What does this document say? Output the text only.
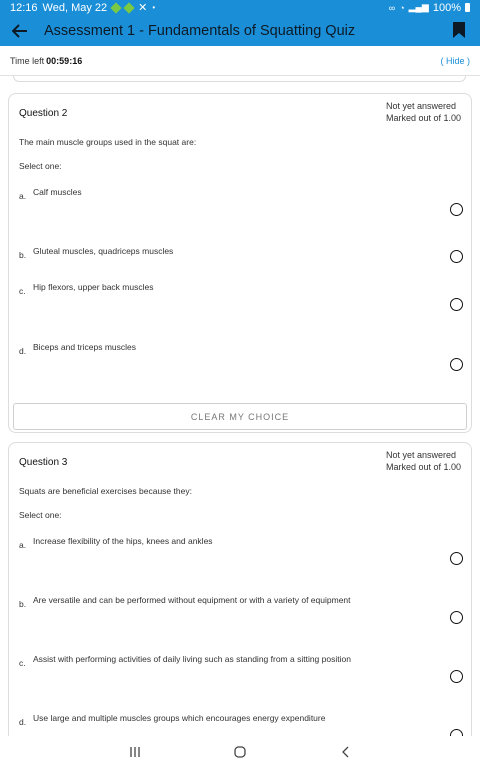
12:16 Wed, May 22	✕ •	∞ ◔ ▂▄▆ 100%
Assessment 1 - Fundamentals of Squatting Quiz
Time left 00:59:16	( Hide )
Question 2
Not yet answered
Marked out of 1.00
The main muscle groups used in the squat are:
Select one:
a. Calf muscles
b. Gluteal muscles, quadriceps muscles
c. Hip flexors, upper back muscles
d. Biceps and triceps muscles
CLEAR MY CHOICE
Question 3
Not yet answered
Marked out of 1.00
Squats are beneficial exercises because they:
Select one:
a. Increase flexibility of the hips, knees and ankles
b. Are versatile and can be performed without equipment or with a variety of equipment
c. Assist with performing activities of daily living such as standing from a sitting position
d. Use large and multiple muscles groups which encourages energy expenditure
